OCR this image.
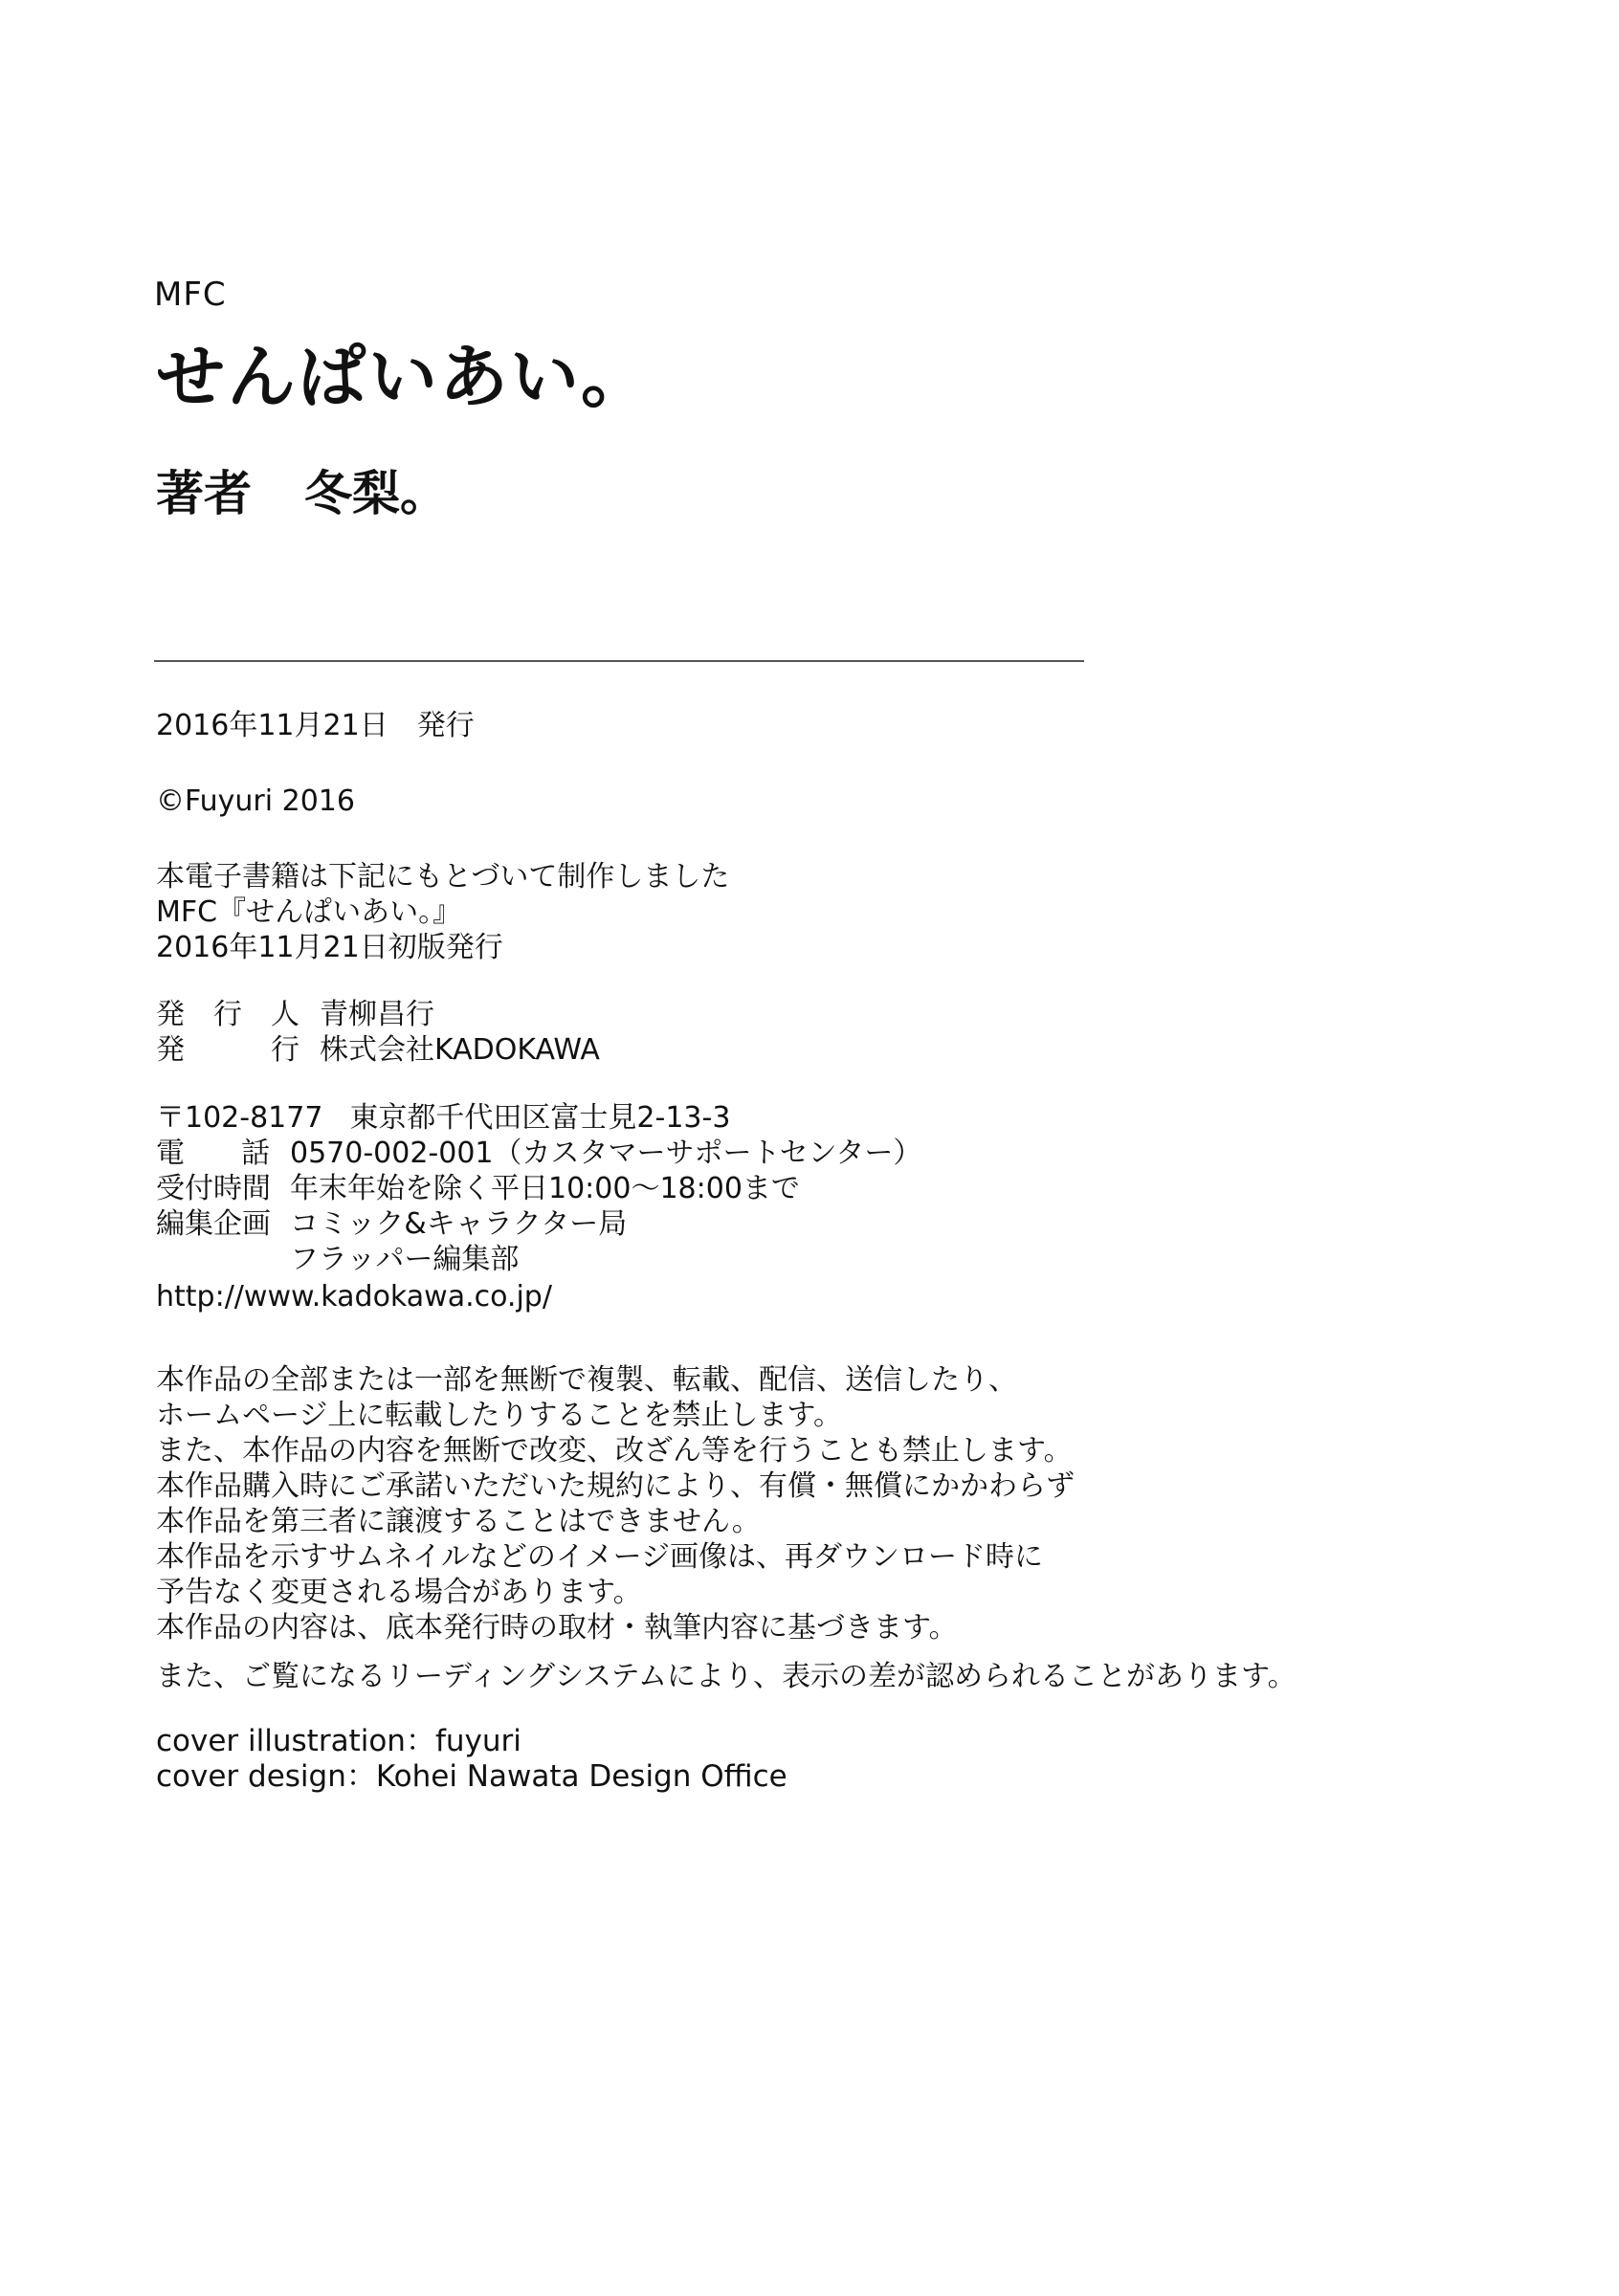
MFC
せんぱいあい。
著者 冬梨。
2016年11月21日　発行
©Fuyuri 2016
本電子書籍は下記にもとづいて制作しました
MFC『せんぱいあい。』
2016年11月21日初版発行
発行人 青柳昌行
発　行 株式会社KADOKAWA
〒102-8177 東京都千代田区富士見2-13-3
電　話 0570-002-001（カスタマーサポートセンター）
受付時間 年末年始を除く平日10:00～18:00まで
編集企画 コミック&キャラクター局
フラッパー編集部
http://www.kadokawa.co.jp/
本作品の全部または一部を無断で複製、転載、配信、送信したり、
ホームページ上に転載したりすることを禁止します。
また、本作品の内容を無断で改変、改ざん等を行うことも禁止します。
本作品購入時にご承諾いただいた規約により、有償・無償にかかわらず
本作品を第三者に譲渡することはできません。
本作品を示すサムネイルなどのイメージ画像は、再ダウンロード時に
予告なく変更される場合があります。
本作品の内容は、底本発行時の取材・執筆内容に基づきます。
また、ご覧になるリーディングシステムにより、表示の差が認められることがあります。
cover illustration：fuyuri
cover design：Kohei Nawata Design Office
